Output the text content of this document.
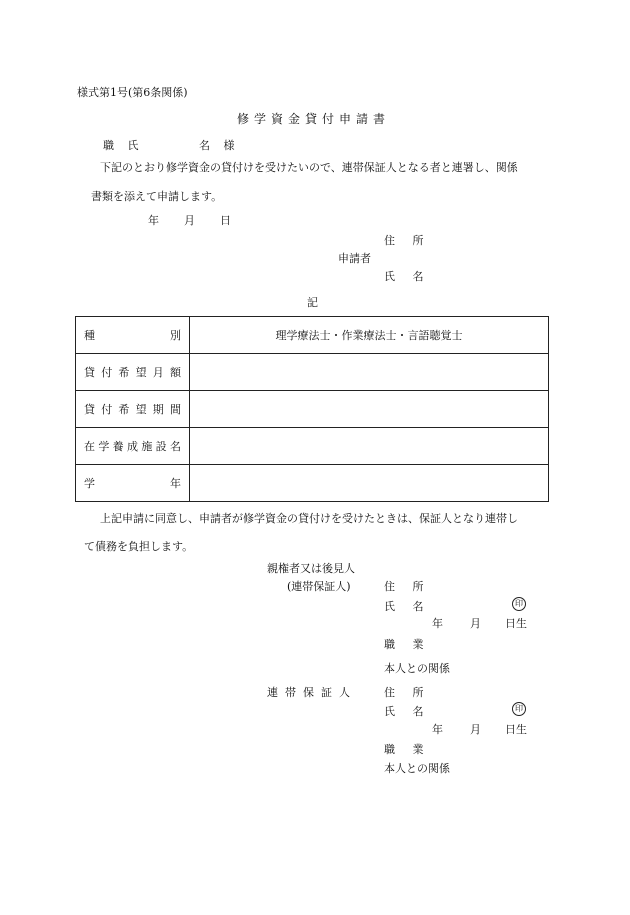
様式第1号(第6条関係)
修学資金貸付申請書
職 氏	名 様
下記のとおり修学資金の貸付けを受けたいので、連帯保証人となる者と連署し、関係
書類を添えて申請します。
年 月 日
住 所
申請者
氏 名
記
種別	理学療法士・作業療法士・言語聴覚士
貸付希望月額	
貸付希望期間	
在学養成施設名	
学年	
上記申請に同意し、申請者が修学資金の貸付けを受けたときは、保証人となり連帯し
て債務を負担します。
親権者又は後見人
(連帯保証人)	住 所
氏 名	印
年 月 日生
職 業
本人との関係
連帯保証人 住 所
氏 名	印
年 月 日生
職 業
本人との関係
